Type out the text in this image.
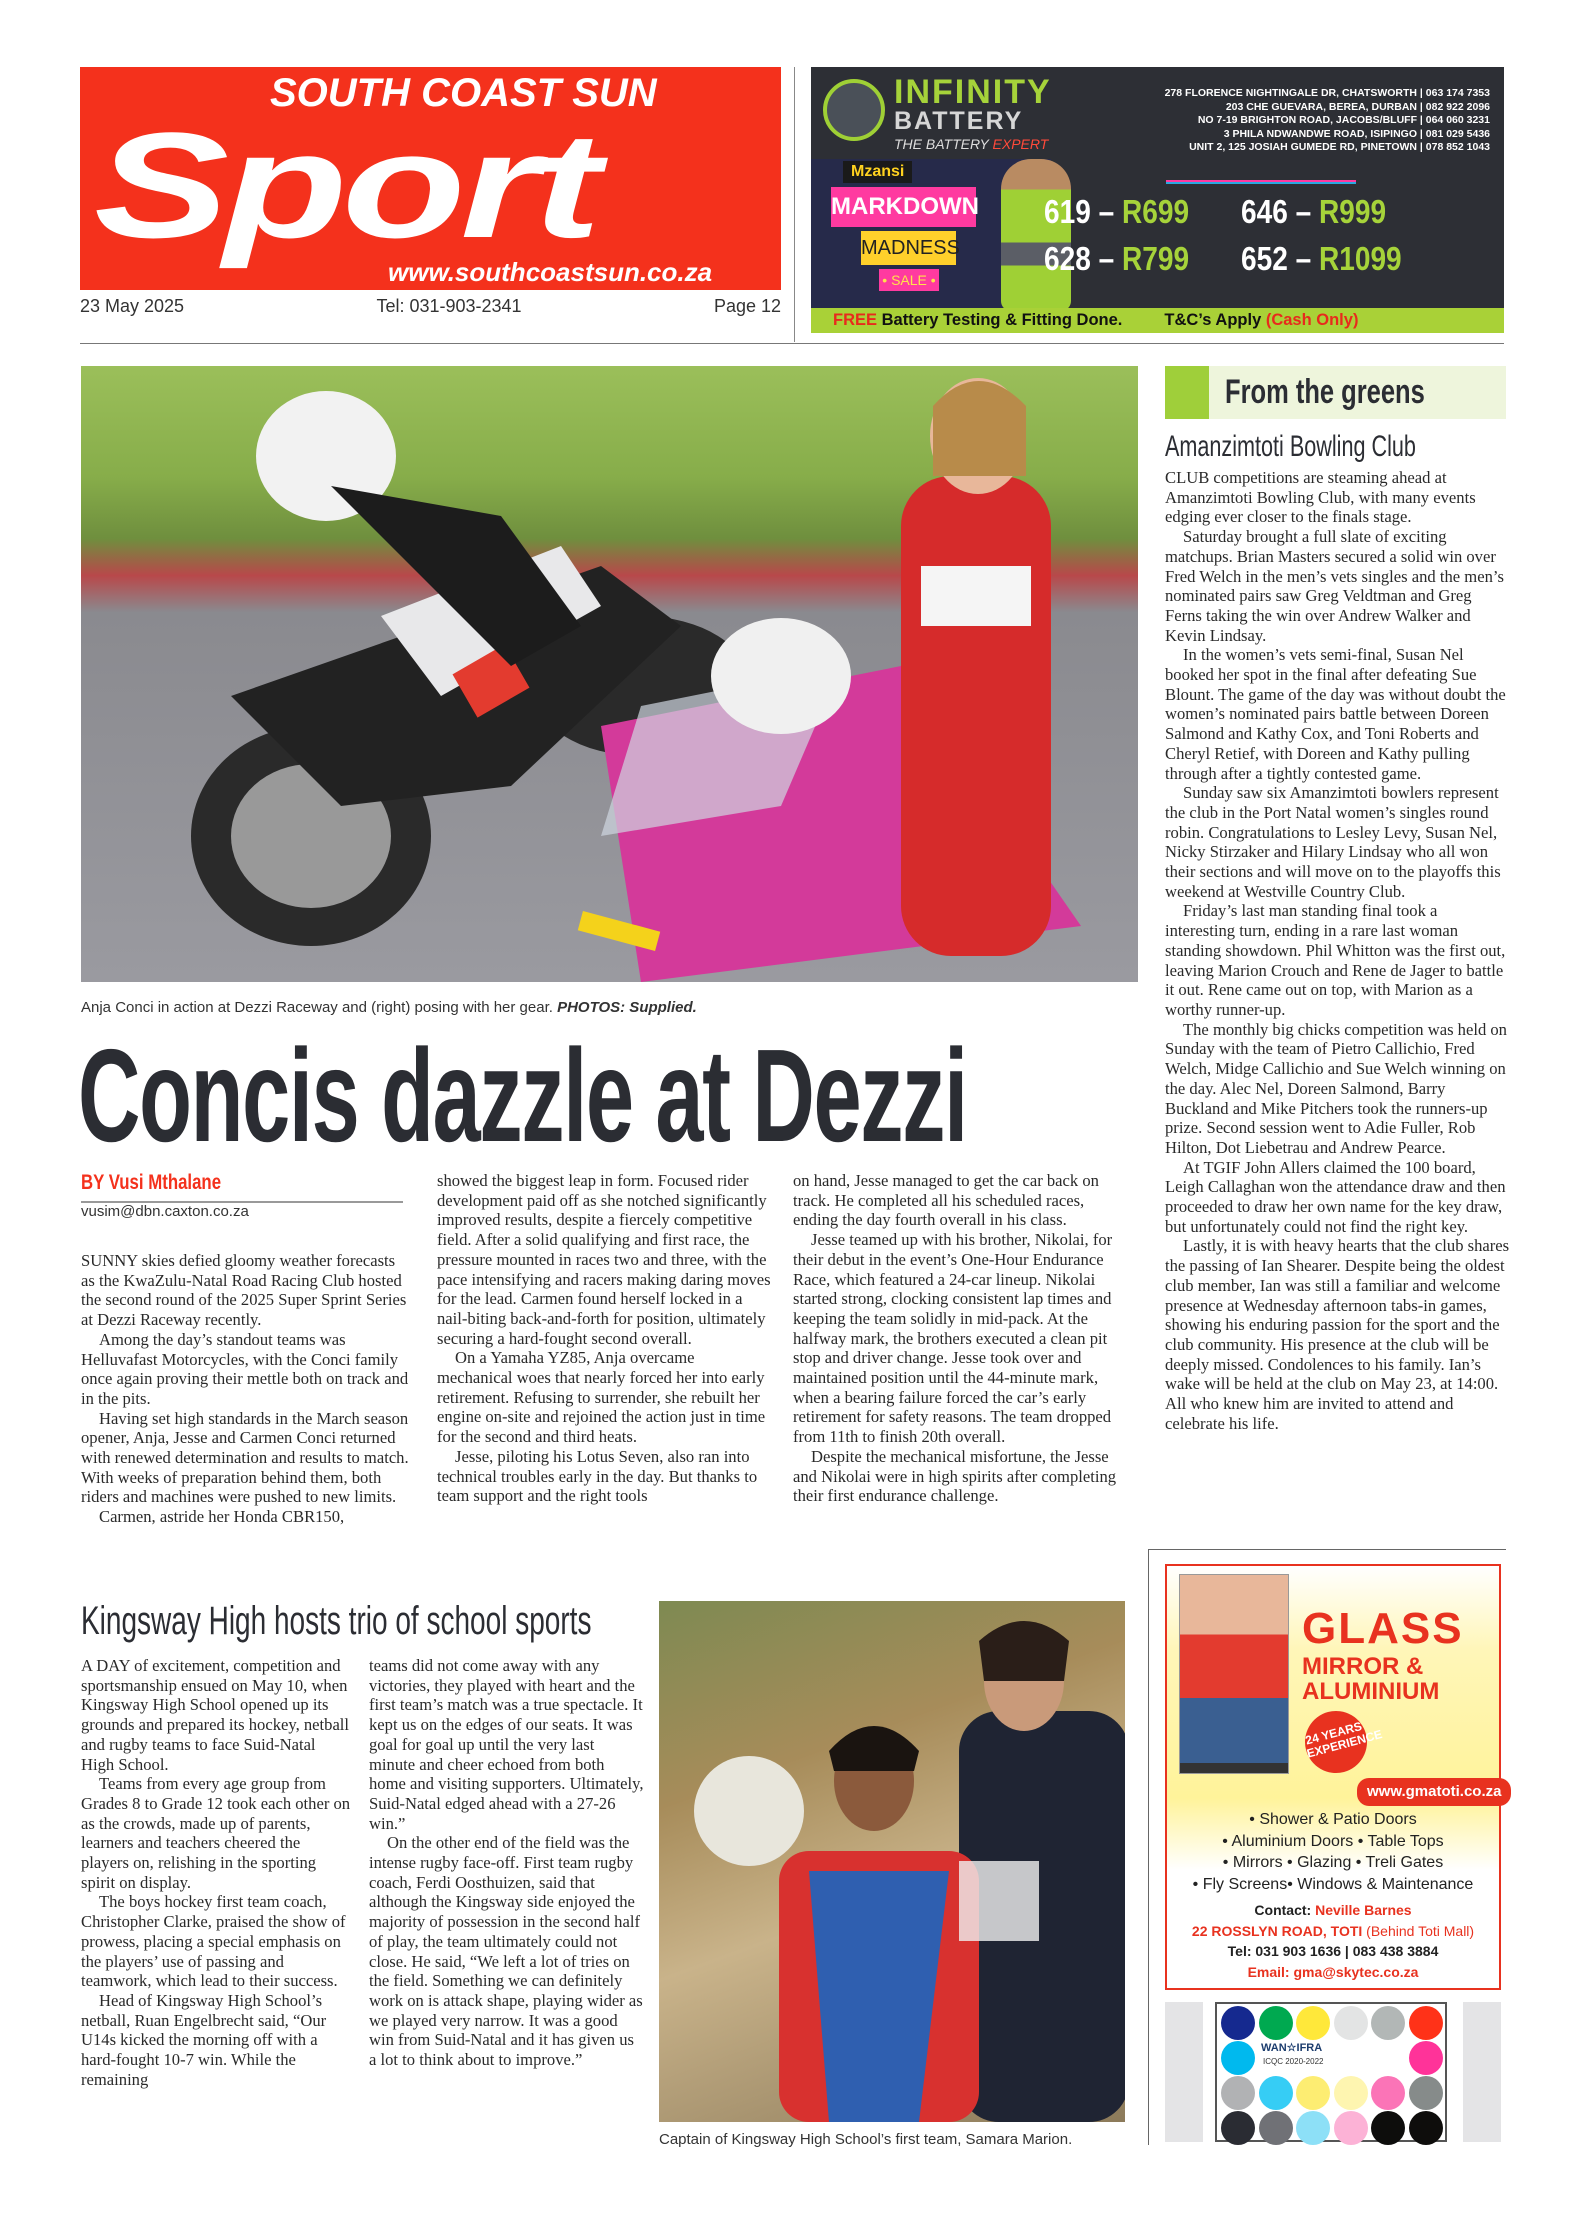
SOUTH COAST SUN
Sport
www.southcoastsun.co.za
23 May 2025	Tel: 031-903-2341	Page 12
INFINITY
BATTERY
THE BATTERY EXPERT
278 FLORENCE NIGHTINGALE DR, CHATSWORTH | 063 174 7353
203 CHE GUEVARA, BEREA, DURBAN | 082 922 2096
NO 7-19 BRIGHTON ROAD, JACOBS/BLUFF | 064 060 3231
3 PHILA NDWANDWE ROAD, ISIPINGO | 081 029 5436
UNIT 2, 125 JOSIAH GUMEDE RD, PINETOWN | 078 852 1043
Mzansi
MARKDOWN
MADNESS
• SALE •
619 – R699 646 – R999
628 – R799 652 – R1099
FREE Battery Testing & Fitting Done.	T&C’s Apply (Cash Only)
Anja Conci in action at Dezzi Raceway and (right) posing with her gear. PHOTOS: Supplied.
Concis dazzle at Dezzi
BY Vusi Mthalane
vusim@dbn.caxton.co.za

SUNNY skies defied gloomy weather forecasts as the KwaZulu-Natal Road Racing Club hosted the second round of the 2025 Super Sprint Series at Dezzi Raceway recently.

Among the day’s standout teams was Helluvafast Motorcycles, with the Conci family once again proving their mettle both on track and in the pits.

Having set high standards in the March season opener, Anja, Jesse and Carmen Conci returned with renewed determination and results to match. With weeks of preparation behind them, both riders and machines were pushed to new limits.

Carmen, astride her Honda CBR150,

showed the biggest leap in form. Focused rider development paid off as she notched significantly improved results, despite a fiercely competitive field. After a solid qualifying and first race, the pressure mounted in races two and three, with the pace intensifying and racers making daring moves for the lead. Carmen found herself locked in a nail-biting back-and-forth for position, ultimately securing a hard-fought second overall.

On a Yamaha YZ85, Anja overcame mechanical woes that nearly forced her into early retirement. Refusing to surrender, she rebuilt her engine on-site and rejoined the action just in time for the second and third heats.

Jesse, piloting his Lotus Seven, also ran into technical troubles early in the day. But thanks to team support and the right tools

on hand, Jesse managed to get the car back on track. He completed all his scheduled races, ending the day fourth overall in his class.

Jesse teamed up with his brother, Nikolai, for their debut in the event’s One-Hour Endurance Race, which featured a 24-car lineup. Nikolai started strong, clocking consistent lap times and keeping the team solidly in mid-pack. At the halfway mark, the brothers executed a clean pit stop and driver change. Jesse took over and maintained position until the 44-minute mark, when a bearing failure forced the car’s early retirement for safety reasons. The team dropped from 11th to finish 20th overall.

Despite the mechanical misfortune, the Jesse and Nikolai were in high spirits after completing their first endurance challenge.

From the greens
Amanzimtoti Bowling Club

CLUB competitions are steaming ahead at Amanzimtoti Bowling Club, with many events edging ever closer to the finals stage.

Saturday brought a full slate of exciting matchups. Brian Masters secured a solid win over Fred Welch in the men’s vets singles and the men’s nominated pairs saw Greg Veldtman and Greg Ferns taking the win over Andrew Walker and Kevin Lindsay.

In the women’s vets semi-final, Susan Nel booked her spot in the final after defeating Sue Blount. The game of the day was without doubt the women’s nominated pairs battle between Doreen Salmond and Kathy Cox, and Toni Roberts and Cheryl Retief, with Doreen and Kathy pulling through after a tightly contested game.

Sunday saw six Amanzimtoti bowlers represent the club in the Port Natal women’s singles round robin. Congratulations to Lesley Levy, Susan Nel, Nicky Stirzaker and Hilary Lindsay who all won their sections and will move on to the playoffs this weekend at Westville Country Club.

Friday’s last man standing final took a interesting turn, ending in a rare last woman standing showdown. Phil Whitton was the first out, leaving Marion Crouch and Rene de Jager to battle it out. Rene came out on top, with Marion as a worthy runner-up.

The monthly big chicks competition was held on Sunday with the team of Pietro Callichio, Fred Welch, Midge Callichio and Sue Welch winning on the day. Alec Nel, Doreen Salmond, Barry Buckland and Mike Pitchers took the runners-up prize. Second session went to Adie Fuller, Rob Hilton, Dot Liebetrau and Andrew Pearce.

At TGIF John Allers claimed the 100 board, Leigh Callaghan won the attendance draw and then proceeded to draw her own name for the key draw, but unfortunately could not find the right key.

Lastly, it is with heavy hearts that the club shares the passing of Ian Shearer. Despite being the oldest club member, Ian was still a familiar and welcome presence at Wednesday afternoon tabs-in games, showing his enduring passion for the sport and the club community. His presence at the club will be deeply missed. Condolences to his family. Ian’s wake will be held at the club on May 23, at 14:00. All who knew him are invited to attend and celebrate his life.

Kingsway High hosts trio of school sports

A DAY of excitement, competition and sportsmanship ensued on May 10, when Kingsway High School opened up its grounds and prepared its hockey, netball and rugby teams to face Suid-Natal High School.

Teams from every age group from Grades 8 to Grade 12 took each other on as the crowds, made up of parents, learners and teachers cheered the players on, relishing in the sporting spirit on display.

The boys hockey first team coach, Christopher Clarke, praised the show of prowess, placing a special emphasis on the players’ use of passing and teamwork, which lead to their success.

Head of Kingsway High School’s netball, Ruan Engelbrecht said, “Our U14s kicked the morning off with a hard-fought 10-7 win. While the remaining

teams did not come away with any victories, they played with heart and the first team’s match was a true spectacle. It kept us on the edges of our seats. It was goal for goal up until the very last minute and cheer echoed from both home and visiting supporters. Ultimately, Suid-Natal edged ahead with a 27-26 win.”

On the other end of the field was the intense rugby face-off. First team rugby coach, Ferdi Oosthuizen, said that although the Kingsway side enjoyed the majority of possession in the second half of play, the team ultimately could not close. He said, “We left a lot of tries on the field. Something we can definitely work on is attack shape, playing wider as we played very narrow. It was a good win from Suid-Natal and it has given us a lot to think about to improve.”

Captain of Kingsway High School’s first team, Samara Marion.
GLASS
MIRROR &
ALUMINIUM
24 YEARS EXPERIENCE
www.gmatoti.co.za
• Shower & Patio Doors
• Aluminium Doors • Table Tops
• Mirrors • Glazing • Treli Gates
• Fly Screens• Windows & Maintenance
Contact: Neville Barnes
22 ROSSLYN ROAD, TOTI (Behind Toti Mall)
Tel: 031 903 1636 | 083 438 3884
Email: gma@skytec.co.za
WAN☆IFRA
ICQC 2020-2022
